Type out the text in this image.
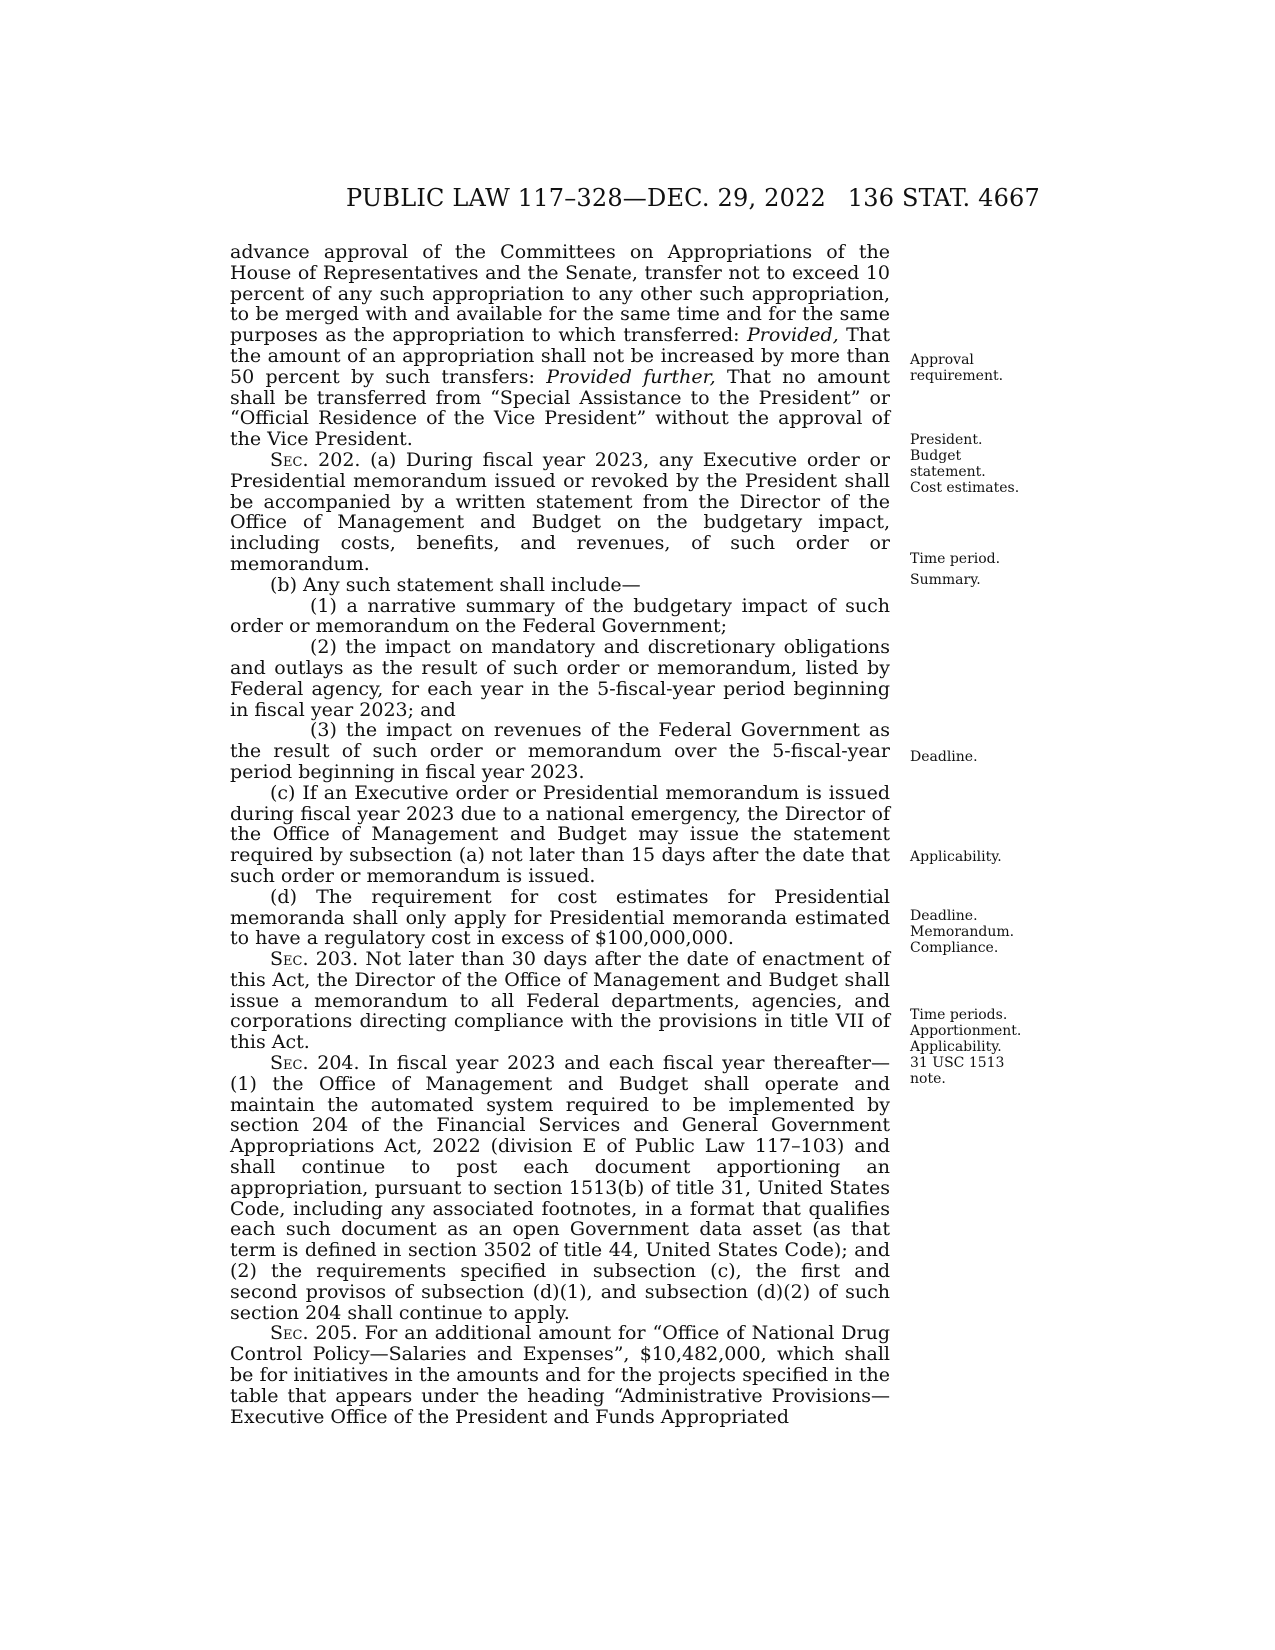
PUBLIC LAW 117–328—DEC. 29, 2022 136 STAT. 4667

advance approval of the Committees on Appropriations of the House of Representatives and the Senate, transfer not to exceed 10 percent of any such appropriation to any other such appropriation, to be merged with and available for the same time and for the same purposes as the appropriation to which transferred: Provided, That the amount of an appropriation shall not be increased by more than 50 percent by such transfers: Provided further, That no amount shall be transferred from “Special Assistance to the President” or “Official Residence of the Vice President” without the approval of the Vice President.

Sec. 202. (a) During fiscal year 2023, any Executive order or Presidential memorandum issued or revoked by the President shall be accompanied by a written statement from the Director of the Office of Management and Budget on the budgetary impact, including costs, benefits, and revenues, of such order or memorandum.

(b) Any such statement shall include—

(1) a narrative summary of the budgetary impact of such order or memorandum on the Federal Government;

(2) the impact on mandatory and discretionary obligations and outlays as the result of such order or memorandum, listed by Federal agency, for each year in the 5-fiscal-year period beginning in fiscal year 2023; and

(3) the impact on revenues of the Federal Government as the result of such order or memorandum over the 5-fiscal-year period beginning in fiscal year 2023.

(c) If an Executive order or Presidential memorandum is issued during fiscal year 2023 due to a national emergency, the Director of the Office of Management and Budget may issue the statement required by subsection (a) not later than 15 days after the date that such order or memorandum is issued.

(d) The requirement for cost estimates for Presidential memoranda shall only apply for Presidential memoranda estimated to have a regulatory cost in excess of $100,000,000.

Sec. 203. Not later than 30 days after the date of enactment of this Act, the Director of the Office of Management and Budget shall issue a memorandum to all Federal departments, agencies, and corporations directing compliance with the provisions in title VII of this Act.

Sec. 204. In fiscal year 2023 and each fiscal year thereafter— (1) the Office of Management and Budget shall operate and maintain the automated system required to be implemented by section 204 of the Financial Services and General Government Appropriations Act, 2022 (division E of Public Law 117–103) and shall continue to post each document apportioning an appropriation, pursuant to section 1513(b) of title 31, United States Code, including any associated footnotes, in a format that qualifies each such document as an open Government data asset (as that term is defined in section 3502 of title 44, United States Code); and (2) the requirements specified in subsection (c), the first and second provisos of subsection (d)(1), and subsection (d)(2) of such section 204 shall continue to apply.

Sec. 205. For an additional amount for “Office of National Drug Control Policy—Salaries and Expenses”, $10,482,000, which shall be for initiatives in the amounts and for the projects specified in the table that appears under the heading “Administrative Provisions—Executive Office of the President and Funds Appropriated

Approval
requirement.
President.
Budget
statement.
Cost estimates.
Time period.
Summary.
Deadline.
Applicability.
Deadline.
Memorandum.
Compliance.
Time periods.
Apportionment.
Applicability.
31 USC 1513
note.
